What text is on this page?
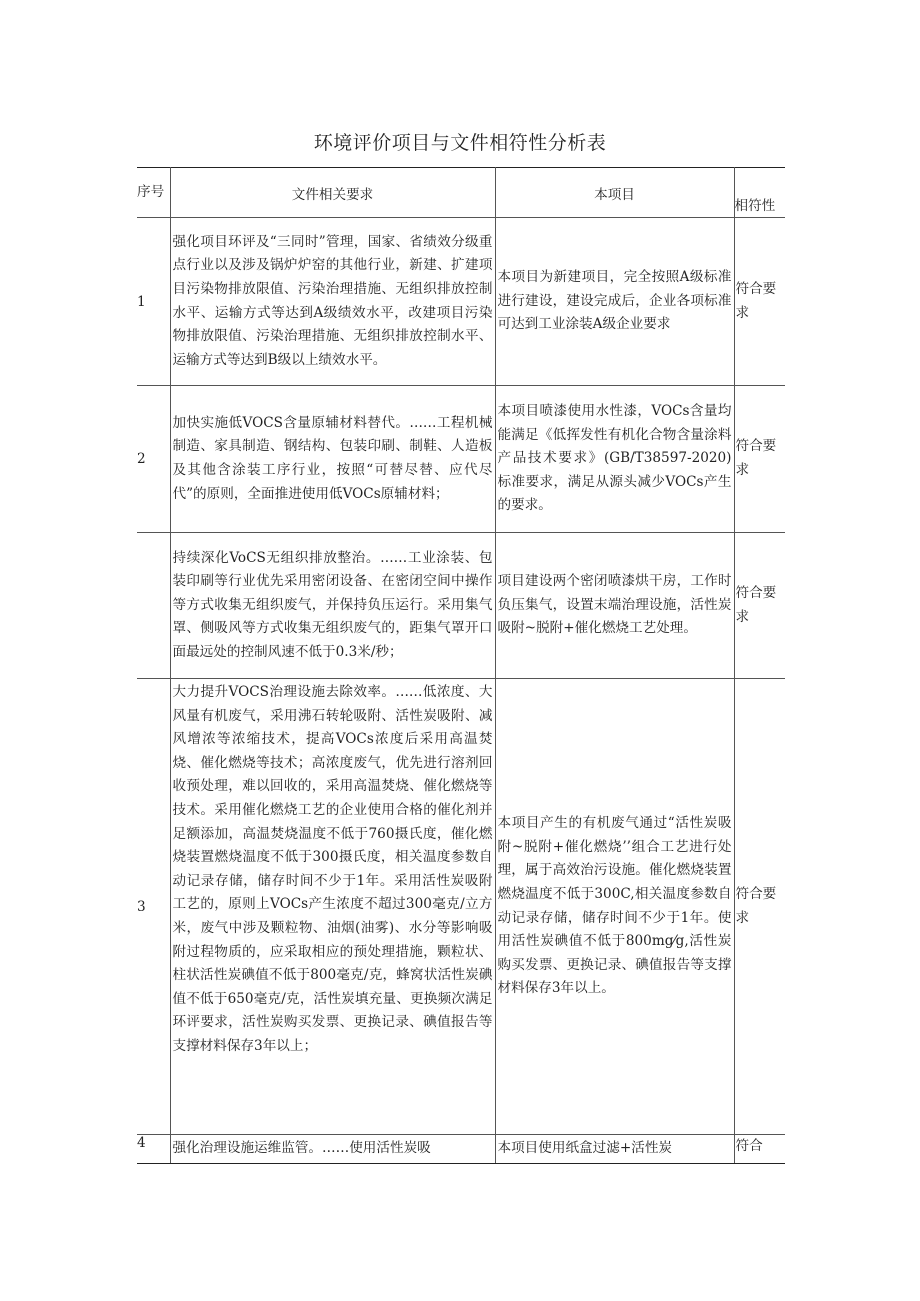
环境评价项目与文件相符性分析表
序号	文件相关要求	本项目	相符性
1	强化项目环评及“三同时”管理，国家、省绩效分级重点行业以及涉及锅炉炉窑的其他行业，新建、扩建项目污染物排放限值、污染治理措施、无组织排放控制水平、运输方式等达到A级绩效水平，改建项目污染物排放限值、污染治理措施、无组织排放控制水平、运输方式等达到B级以上绩效水平。	本项目为新建项目，完全按照A级标准进行建设，建设完成后，企业各项标准可达到工业涂装A级企业要求	符合要求
2	加快实施低VOCS含量原辅材料替代。……工程机械制造、家具制造、钢结构、包装印刷、制鞋、人造板及其他含涂装工序行业，按照“可替尽替、应代尽代”的原则，全面推进使用低VOCs原辅材料；	本项目喷漆使用水性漆，VOCs含量均能满足《低挥发性有机化合物含量涂料产品技术要求》(GB/T38597-2020)标准要求，满足从源头减少VOCs产生的要求。	符合要求
	持续深化VoCS无组织排放整治。……工业涂装、包装印刷等行业优先采用密闭设备、在密闭空间中操作等方式收集无组织废气，并保持负压运行。采用集气罩、侧吸风等方式收集无组织废气的，距集气罩开口面最远处的控制风速不低于0.3米/秒；	项目建设两个密闭喷漆烘干房，工作时负压集气，设置末端治理设施，活性炭吸附~脱附+催化燃烧工艺处理。	符合要求
3	大力提升VOCS治理设施去除效率。……低浓度、大风量有机废气，采用沸石转轮吸附、活性炭吸附、减风增浓等浓缩技术，提高VOCs浓度后采用高温焚烧、催化燃烧等技术；高浓度废气，优先进行溶剂回收预处理，难以回收的，采用高温焚烧、催化燃烧等技术。采用催化燃烧工艺的企业使用合格的催化剂并足额添加，高温焚烧温度不低于760摄氏度，催化燃烧装置燃烧温度不低于300摄氏度，相关温度参数自动记录存储，储存时间不少于1年。采用活性炭吸附工艺的，原则上VOCs产生浓度不超过300毫克/立方米，废气中涉及颗粒物、油烟(油雾)、水分等影响吸附过程物质的，应采取相应的预处理措施，颗粒状、柱状活性炭碘值不低于800毫克/克，蜂窝状活性炭碘值不低于650毫克/克，活性炭填充量、更换频次满足环评要求，活性炭购买发票、更换记录、碘值报告等支撑材料保存3年以上；	本项目产生的有机废气通过“活性炭吸附~脱附+催化燃烧’’组合工艺进行处理，属于高效治污设施。催化燃烧装置燃烧温度不低于300C,相关温度参数自动记录存储，储存时间不少于1年。使用活性炭碘值不低于800mg⁄g,活性炭购买发票、更换记录、碘值报告等支撑材料保存3年以上。	符合要求
4	强化治理设施运维监管。……使用活性炭吸	本项目使用纸盒过滤+活性炭	符合
